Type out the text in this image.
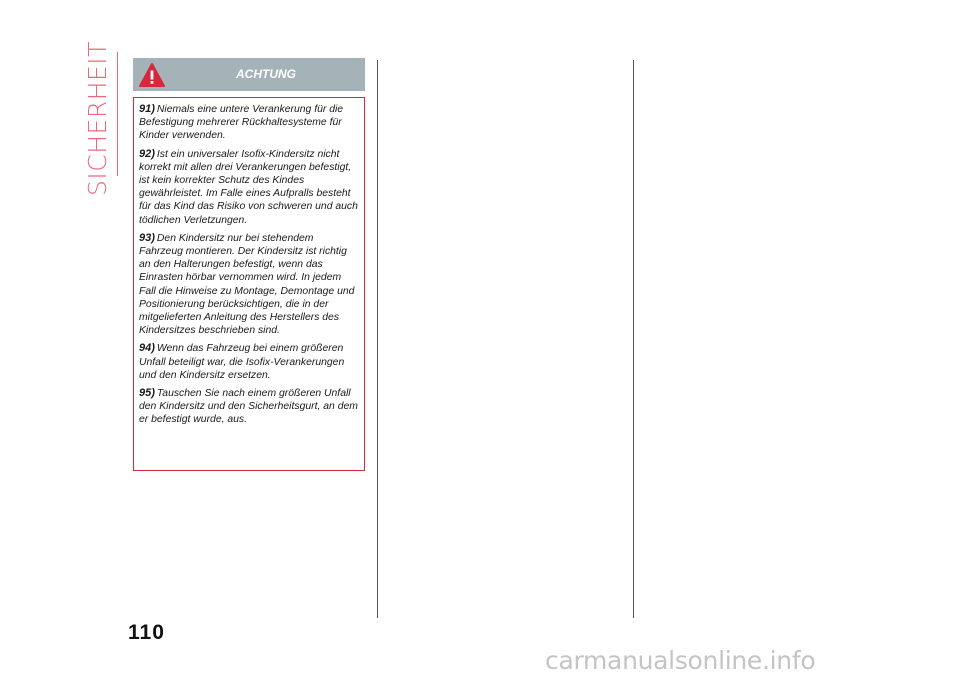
SICHERHEIT	ACHTUNG
91) Niemals eine untere Verankerung für die Befestigung mehrerer Rückhaltesysteme für Kinder verwenden.
92) Ist ein universaler Isofix-Kindersitz nicht korrekt mit allen drei Verankerungen befestigt, ist kein korrekter Schutz des Kindes gewährleistet. Im Falle eines Aufpralls besteht für das Kind das Risiko von schweren und auch tödlichen Verletzungen.
93) Den Kindersitz nur bei stehendem Fahrzeug montieren. Der Kindersitz ist richtig an den Halterungen befestigt, wenn das Einrasten hörbar vernommen wird. In jedem Fall die Hinweise zu Montage, Demontage und Positionierung berücksichtigen, die in der mitgelieferten Anleitung des Herstellers des Kindersitzes beschrieben sind.
94) Wenn das Fahrzeug bei einem größeren Unfall beteiligt war, die Isofix-Verankerungen und den Kindersitz ersetzen.
95) Tauschen Sie nach einem größeren Unfall den Kindersitz und den Sicherheitsgurt, an dem er befestigt wurde, aus.
110
carmanualsonline.info
